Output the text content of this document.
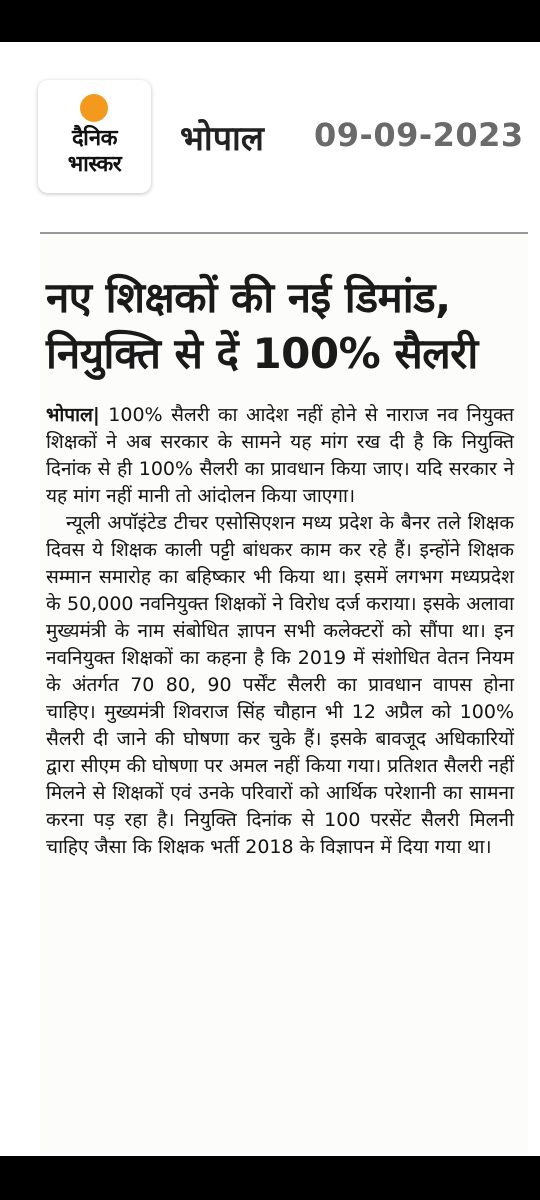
दैनिक
भास्कर
भोपाल 09-09-2023
नए शिक्षकों की नई डिमांड,
नियुक्ति से दें 100% सैलरी

भोपाल| 100% सैलरी का आदेश नहीं होने से नाराज नव नियुक्त शिक्षकों ने अब सरकार के सामने यह मांग रख दी है कि नियुक्ति दिनांक से ही 100% सैलरी का प्रावधान किया जाए। यदि सरकार ने यह मांग नहीं मानी तो आंदोलन किया जाएगा।

न्यूली अपॉइंटेड टीचर एसोसिएशन मध्य प्रदेश के बैनर तले शिक्षक दिवस ये शिक्षक काली पट्टी बांधकर काम कर रहे हैं। इन्होंने शिक्षक सम्मान समारोह का बहिष्कार भी किया था। इसमें लगभग मध्यप्रदेश के 50,000 नवनियुक्त शिक्षकों ने विरोध दर्ज कराया। इसके अलावा मुख्यमंत्री के नाम संबोधित ज्ञापन सभी कलेक्टरों को सौंपा था। इन नवनियुक्त शिक्षकों का कहना है कि 2019 में संशोधित वेतन नियम के अंतर्गत 70 80, 90 पर्सेंट सैलरी का प्रावधान वापस होना चाहिए। मुख्यमंत्री शिवराज सिंह चौहान भी 12 अप्रैल को 100% सैलरी दी जाने की घोषणा कर चुके हैं। इसके बावजूद अधिकारियों द्वारा सीएम की घोषणा पर अमल नहीं किया गया। प्रतिशत सैलरी नहीं मिलने से शिक्षकों एवं उनके परिवारों को आर्थिक परेशानी का सामना करना पड़ रहा है। नियुक्ति दिनांक से 100 परसेंट सैलरी मिलनी चाहिए जैसा कि शिक्षक भर्ती 2018 के विज्ञापन में दिया गया था।
